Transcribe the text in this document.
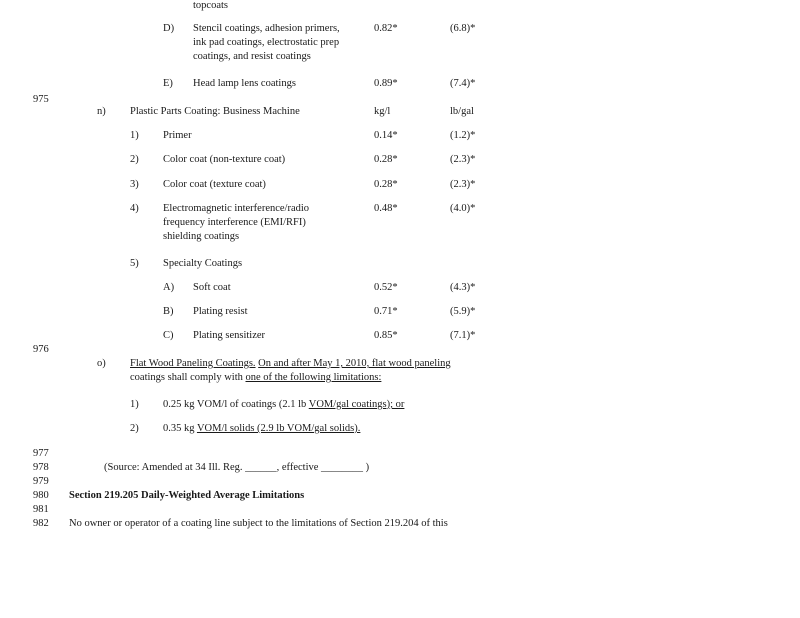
975
976
977
978
979
980
981
982
topcoats
D) Stencil coatings, adhesion primers,
ink pad coatings, electrostatic prep
coatings, and resist coatings
0.82*	(6.8)*
E) Head lamp lens coatings	0.89*	(7.4)*
n) Plastic Parts Coating: Business Machine	kg/l	lb/gal
1) Primer	0.14*	(1.2)*
2) Color coat (non-texture coat)	0.28*	(2.3)*
3) Color coat (texture coat)	0.28*	(2.3)*
4) Electromagnetic interference/radio
frequency interference (EMI/RFI)
shielding coatings
0.48*	(4.0)*
5) Specialty Coatings
A) Soft coat	0.52*	(4.3)*
B) Plating resist	0.71*	(5.9)*
C) Plating sensitizer	0.85*	(7.1)*
o) Flat Wood Paneling Coatings. On and after May 1, 2010, flat wood paneling
coatings shall comply with one of the following limitations:
1) 0.25 kg VOM/l of coatings (2.1 lb VOM/gal coatings); or
2) 0.35 kg VOM/l solids (2.9 lb VOM/gal solids).
(Source: Amended at 34 Ill. Reg. ______, effective ________ )
Section 219.205 Daily-Weighted Average Limitations
No owner or operator of a coating line subject to the limitations of Section 219.204 of this
